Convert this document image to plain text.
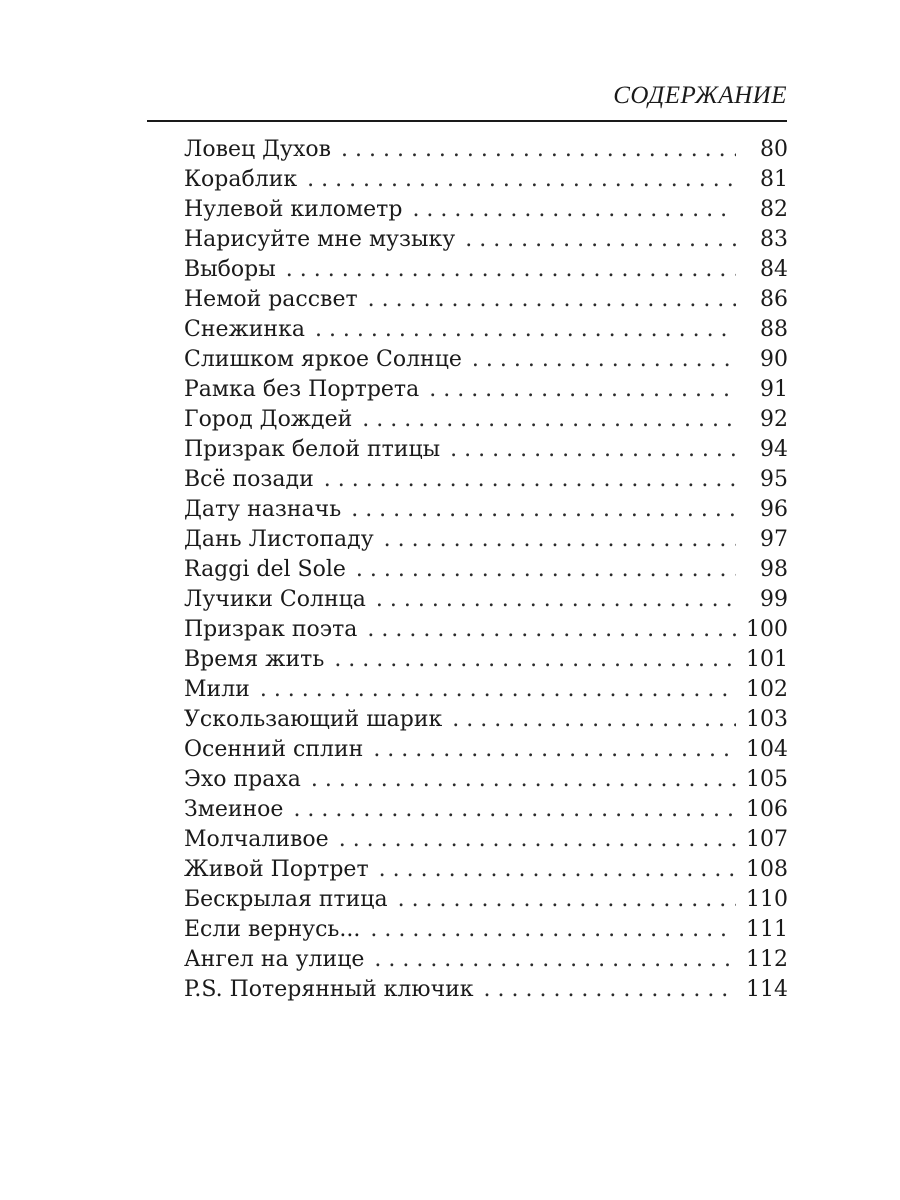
СОДЕРЖАНИЕ
Ловец Духов . . .	80
Кораблик . . .	81
Нулевой километр . . .	82
Нарисуйте мне музыку . . .	83
Выборы . . .	84
Немой рассвет . . .	86
Снежинка . . .	88
Слишком яркое Солнце . . .	90
Рамка без Портрета . . .	91
Город Дождей . . .	92
Призрак белой птицы . . .	94
Всё позади . . .	95
Дату назначь . . .	96
Дань Листопаду . . .	97
Raggi del Sole . . .	98
Лучики Солнца . . .	99
Призрак поэта . . .	100
Время жить . . .	101
Мили . . .	102
Ускользающий шарик . . .	103
Осенний сплин . . .	104
Эхо праха . . .	105
Змеиное . . .	106
Молчаливое . . .	107
Живой Портрет . . .	108
Бескрылая птица . . .	110
Если вернусь... . . .	111
Ангел на улице . . .	112
P.S. Потерянный ключик . . .	114
